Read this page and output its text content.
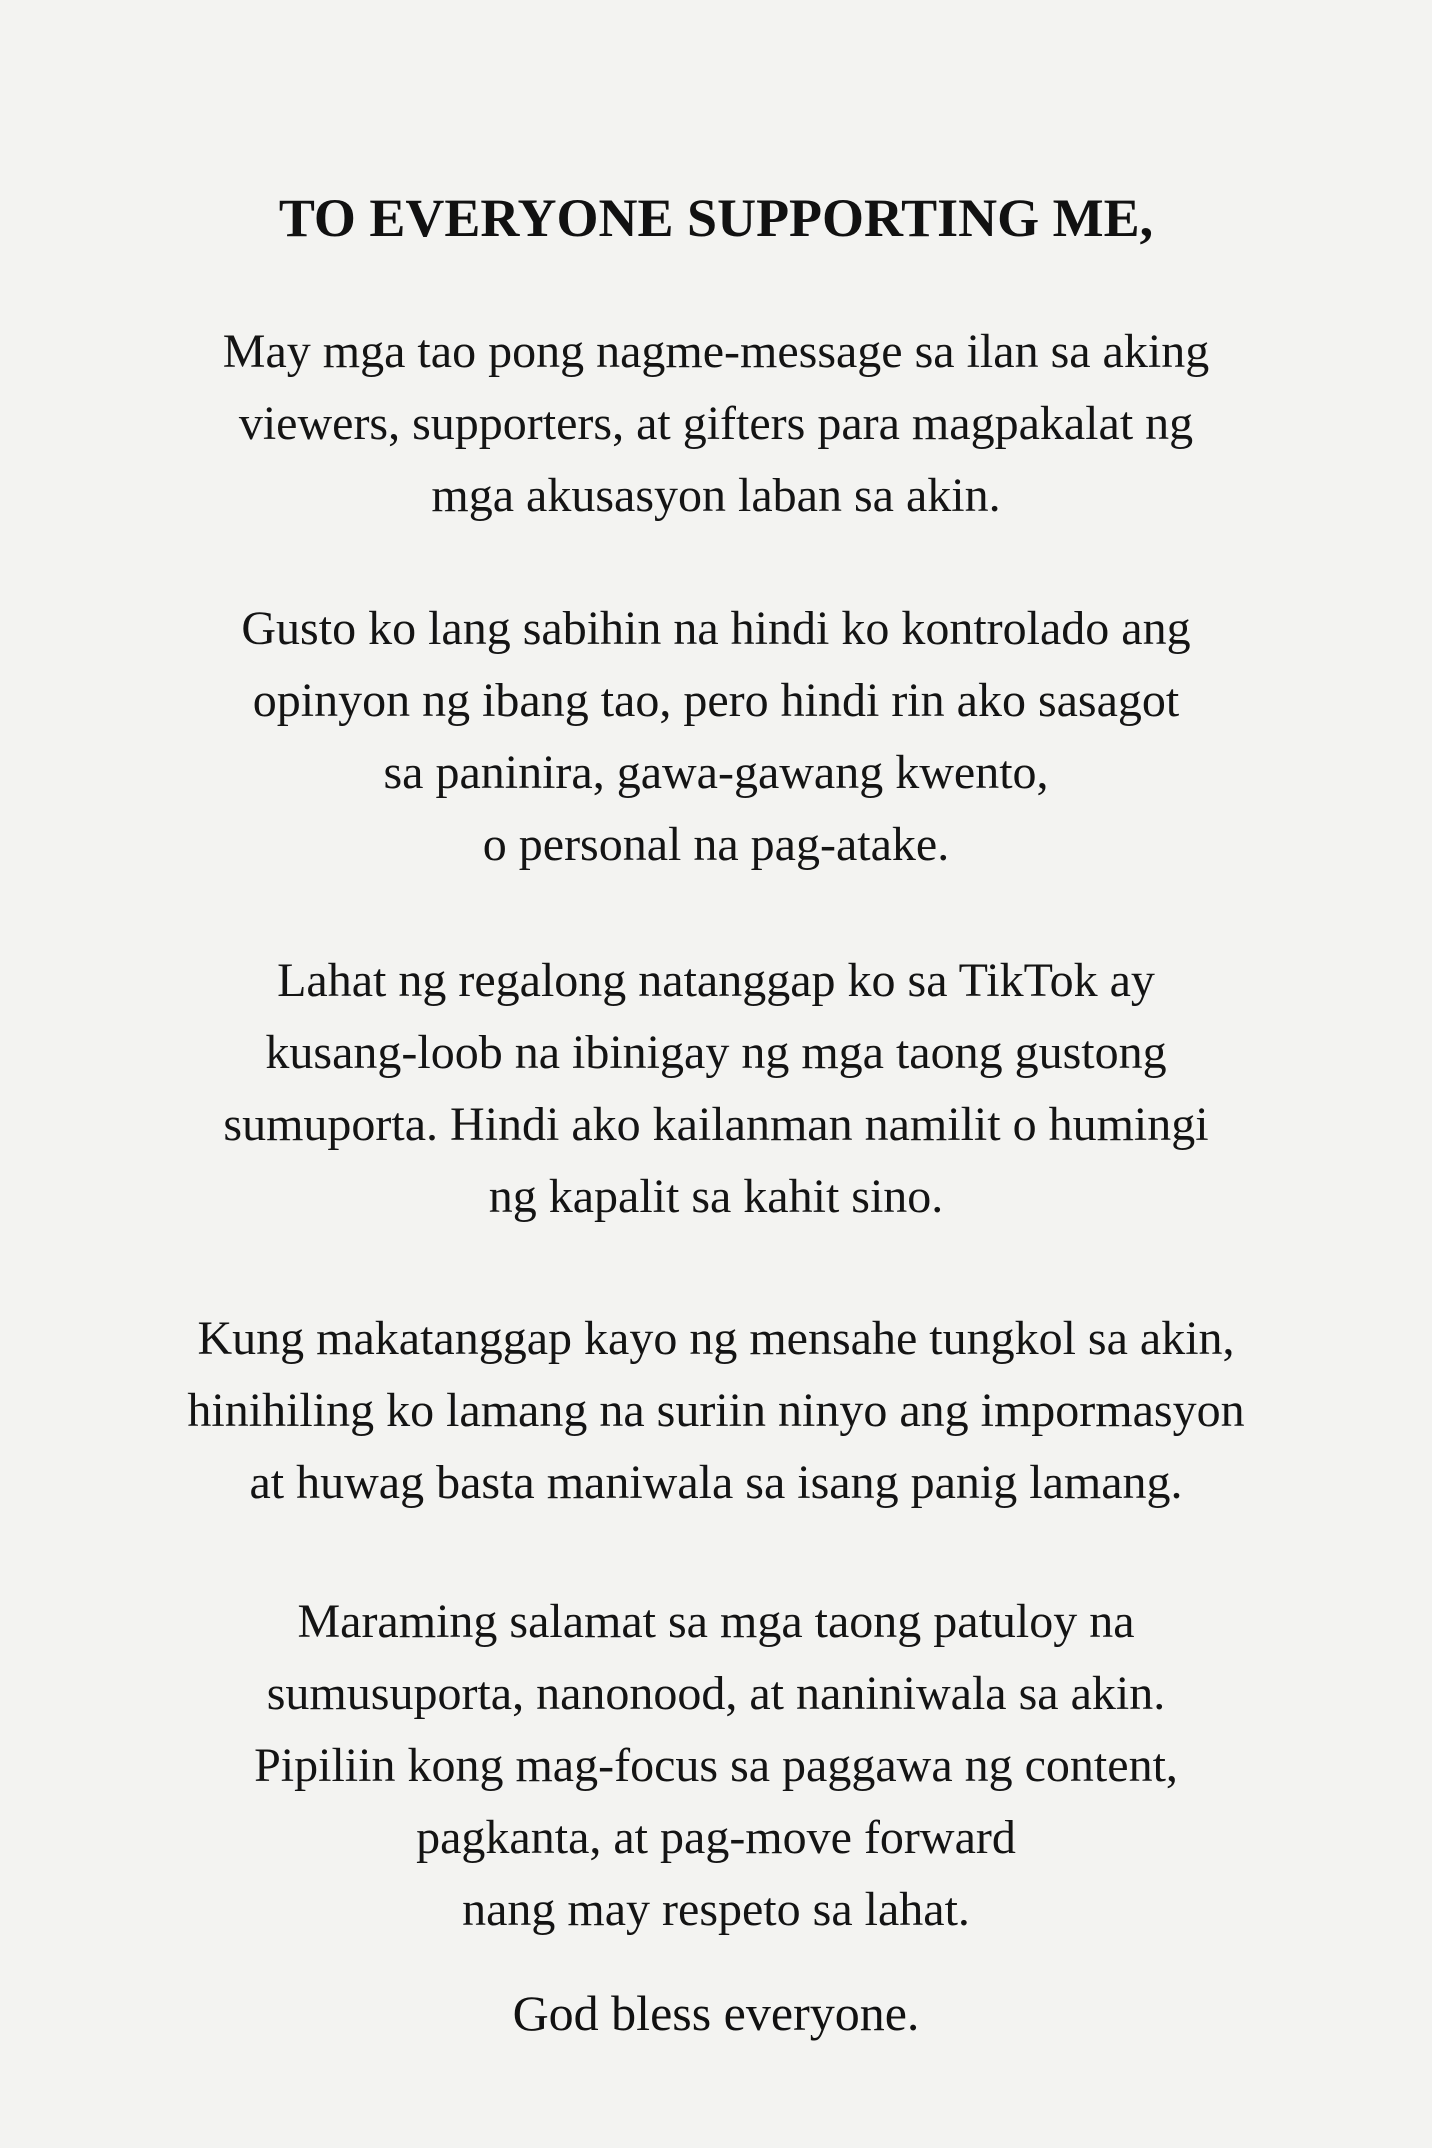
TO EVERYONE SUPPORTING ME,

May mga tao pong nagme-message sa ilan sa aking
viewers, supporters, at gifters para magpakalat ng
mga akusasyon laban sa akin.

Gusto ko lang sabihin na hindi ko kontrolado ang
opinyon ng ibang tao, pero hindi rin ako sasagot
sa paninira, gawa-gawang kwento,
o personal na pag-atake.

Lahat ng regalong natanggap ko sa TikTok ay
kusang-loob na ibinigay ng mga taong gustong
sumuporta. Hindi ako kailanman namilit o humingi
ng kapalit sa kahit sino.

Kung makatanggap kayo ng mensahe tungkol sa akin,
hinihiling ko lamang na suriin ninyo ang impormasyon
at huwag basta maniwala sa isang panig lamang.

Maraming salamat sa mga taong patuloy na
sumusuporta, nanonood, at naniniwala sa akin.
Pipiliin kong mag-focus sa paggawa ng content,
pagkanta, at pag-move forward
nang may respeto sa lahat.

God bless everyone.
